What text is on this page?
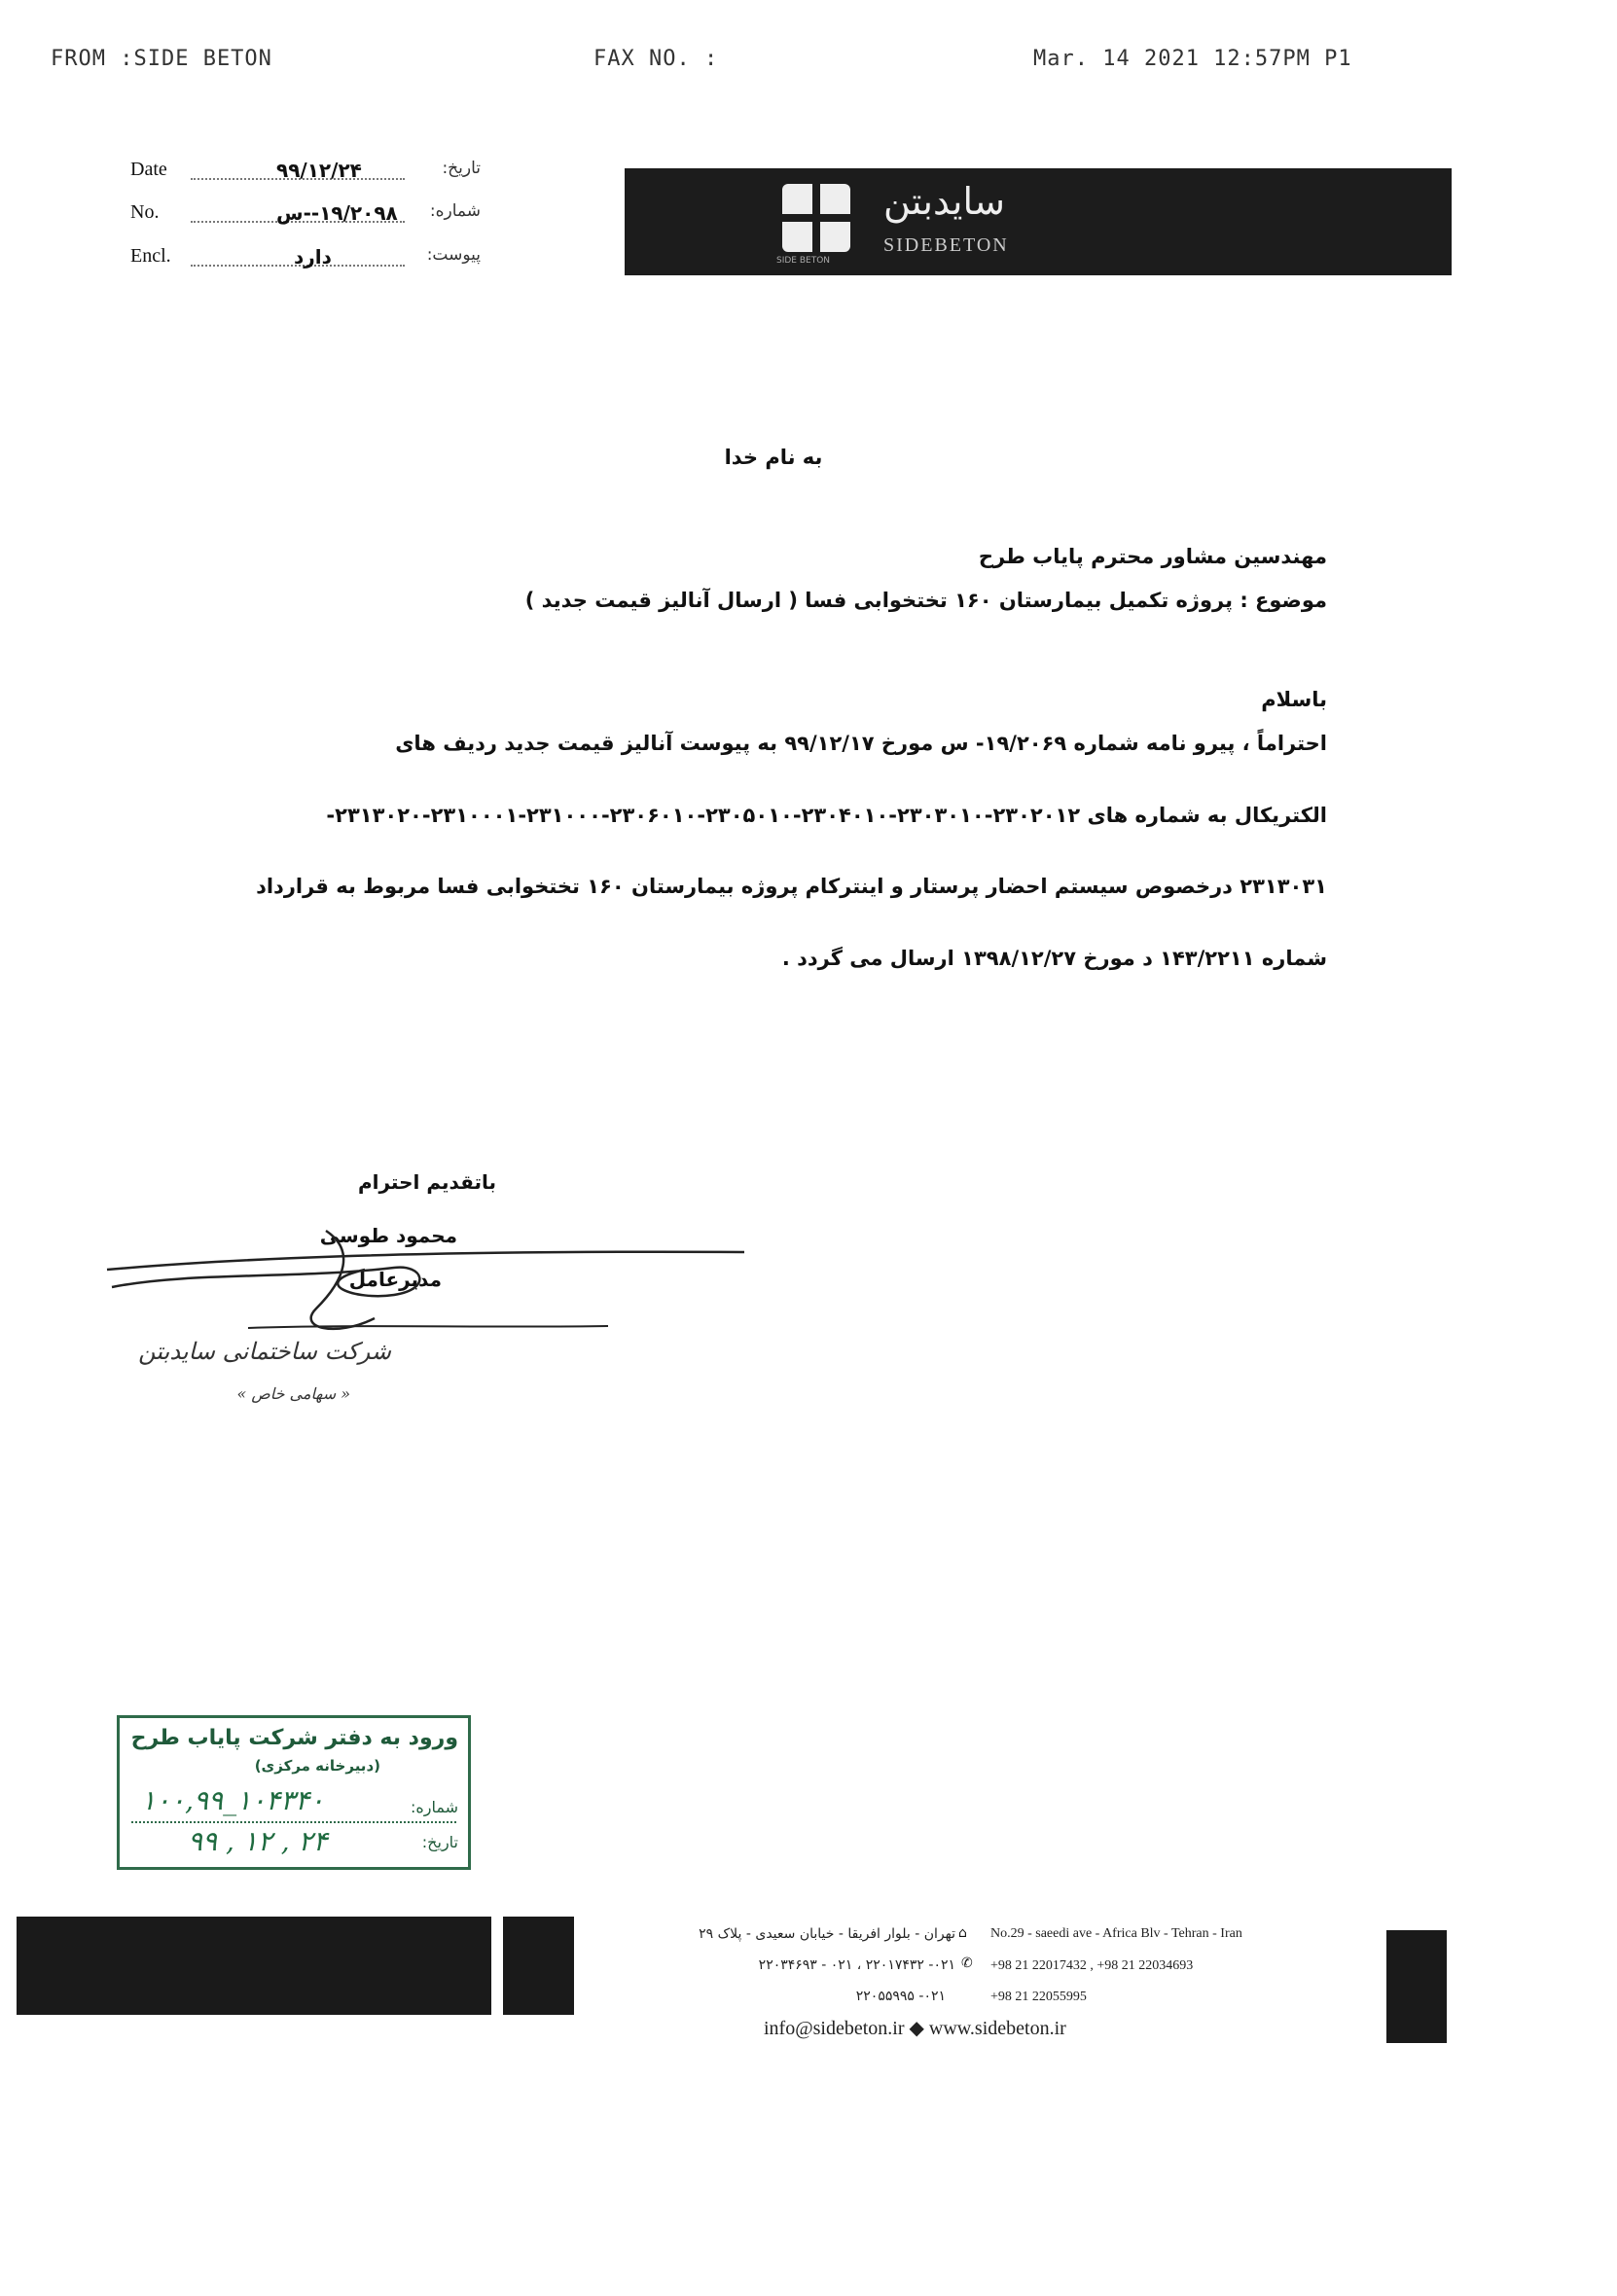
FROM :SIDE BETON	FAX NO. :	Mar. 14 2021 12:57PM P1
Date	۹۹/۱۲/۲۴	تاریخ:
No.	۱۹/۲۰۹۸--س شماره:
Encl.	دارد	پیوست:	SIDE BETON
سایدبتن
SIDEBETON
به نام خدا
مهندسین مشاور محترم پایاب طرح
موضوع : پروژه تکمیل بیمارستان ۱۶۰ تختخوابی فسا ( ارسال آنالیز قیمت جدید )
باسلام
احتراماً ، پیرو نامه شماره ۱۹/۲۰۶۹- س مورخ ۹۹/۱۲/۱۷ به پیوست آنالیز قیمت جدید ردیف های
الکتریکال به شماره های ۲۳۰۲۰۱۲-۲۳۰۳۰۱۰-۲۳۰۴۰۱۰-۲۳۰۵۰۱۰-۲۳۰۶۰۱۰-۲۳۱۰۰۰-۲۳۱۰۰۰۱-۲۳۱۳۰۲۰-
۲۳۱۳۰۳۱ درخصوص سیستم احضار پرستار و اینترکام پروژه بیمارستان ۱۶۰ تختخوابی فسا مربوط به قرارداد
شماره ۱۴۳/۲۲۱۱ د مورخ ۱۳۹۸/۱۲/۲۷ ارسال می گردد .
باتقدیم احترام
محمود طوسی
مدیرعامل
شرکت ساختمانی سایدبتن
« سهامی خاص »
ورود به دفتر شرکت پایاب طرح
(دبیرخانه مرکزی)
شماره:
۱۰۰,۹۹_۱۰۴۳۴۰
تاریخ:
۹۹ , ۱۲ , ۲۴
تهران - بلوار افریقا - خیابان سعیدی - پلاک ۲۹ ⌂ No.29 - saeedi ave - Africa Blv - Tehran - Iran
۰۲۱- ۲۲۰۱۷۴۳۲ ، ۰۲۱ - ۲۲۰۳۴۶۹۳ ✆ +98 21 22017432 , +98 21 22034693
۰۲۱- ۲۲۰۵۵۹۹۵	+98 21 22055995
info@sidebeton.ir ◆ www.sidebeton.ir
